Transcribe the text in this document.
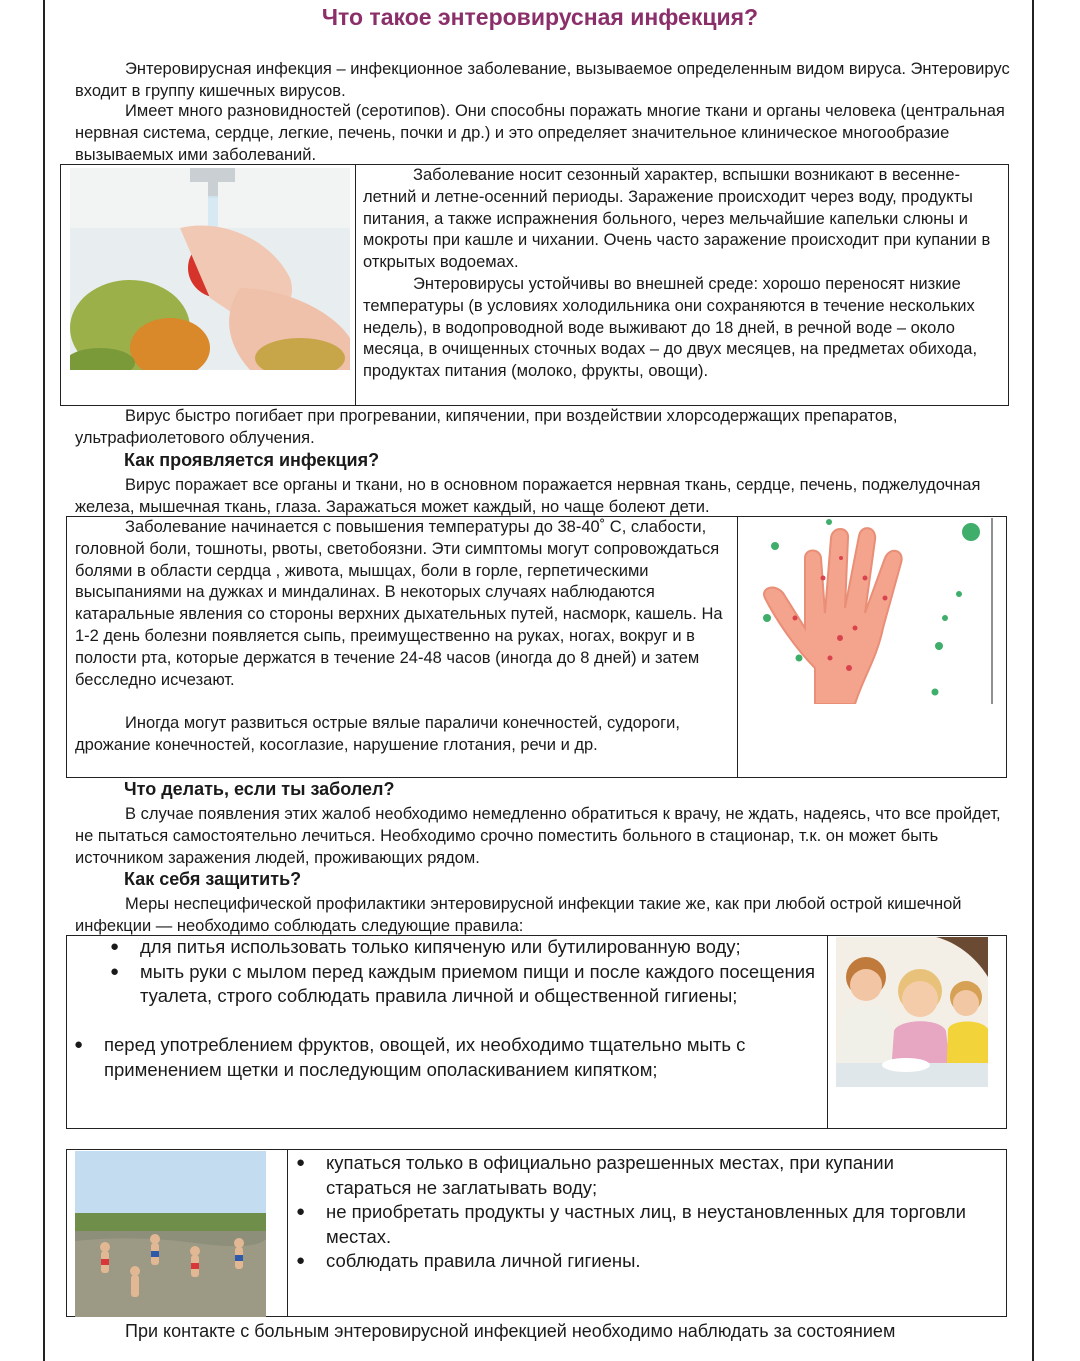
Что такое энтеровирусная инфекция?

Энтеровирусная инфекция – инфекционное заболевание, вызываемое определенным видом вируса. Энтеровирус входит в группу кишечных вирусов.

Имеет много разновидностей (серотипов). Они способны поражать многие ткани и органы человека (центральная нервная система, сердце, легкие, печень, почки и др.) и это определяет значительное клиническое многообразие вызываемых ими заболеваний.

Заболевание носит сезонный характер, вспышки возникают в весенне-летний и летне-осенний периоды. Заражение происходит через воду, продукты питания, а также испражнения больного, через мельчайшие капельки слюны и мокроты при кашле и чихании. Очень часто заражение происходит при купании в открытых водоемах.

Энтеровирусы устойчивы во внешней среде: хорошо переносят низкие температуры (в условиях холодильника они сохраняются в течение нескольких недель), в водопроводной воде выживают до 18 дней, в речной воде – около месяца, в очищенных сточных водах – до двух месяцев, на предметах обихода, продуктах питания (молоко, фрукты, овощи).

Вирус быстро погибает при прогревании, кипячении, при воздействии хлорсодержащих препаратов, ультрафиолетового облучения.

Как проявляется инфекция?

Вирус поражает все органы и ткани, но в основном поражается нервная ткань, сердце, печень, поджелудочная железа, мышечная ткань, глаза. Заражаться может каждый, но чаще болеют дети.

Заболевание начинается с повышения температуры до 38-40˚ С, слабости, головной боли, тошноты, рвоты, светобоязни. Эти симптомы могут сопровождаться болями в области сердца , живота, мышцах, боли в горле, герпетическими высыпаниями на дужках и миндалинах. В некоторых случаях наблюдаются катаральные явления со стороны верхних дыхательных путей, насморк, кашель. На 1-2 день болезни появляется сыпь, преимущественно на руках, ногах, вокруг и в полости рта, которые держатся в течение 24-48 часов (иногда до 8 дней) и затем бесследно исчезают.

Иногда могут развиться острые вялые параличи конечностей, судороги, дрожание конечностей, косоглазие, нарушение глотания, речи и др.

Что делать, если ты заболел?

В случае появления этих жалоб необходимо немедленно обратиться к врачу, не ждать, надеясь, что все пройдет, не пытаться самостоятельно лечиться. Необходимо срочно поместить больного в стационар, т.к. он может быть источником заражения людей, проживающих рядом.

Как себя защитить?

Меры неспецифической профилактики энтеровирусной инфекции такие же, как при любой острой кишечной инфекции — необходимо соблюдать следующие правила:

● для питья использовать только кипяченую или бутилированную воду;
● мыть руки с мылом перед каждым приемом пищи и после каждого посещения туалета, строго соблюдать правила личной и общественной гигиены;
● перед употреблением фруктов, овощей, их необходимо тщательно мыть с применением щетки и последующим ополаскиванием кипятком;
● купаться только в официально разрешенных местах, при купании стараться не заглатывать воду;
● не приобретать продукты у частных лиц, в неустановленных для торговли местах.
● соблюдать правила личной гигиены.

При контакте с больным энтеровирусной инфекцией необходимо наблюдать за состоянием
